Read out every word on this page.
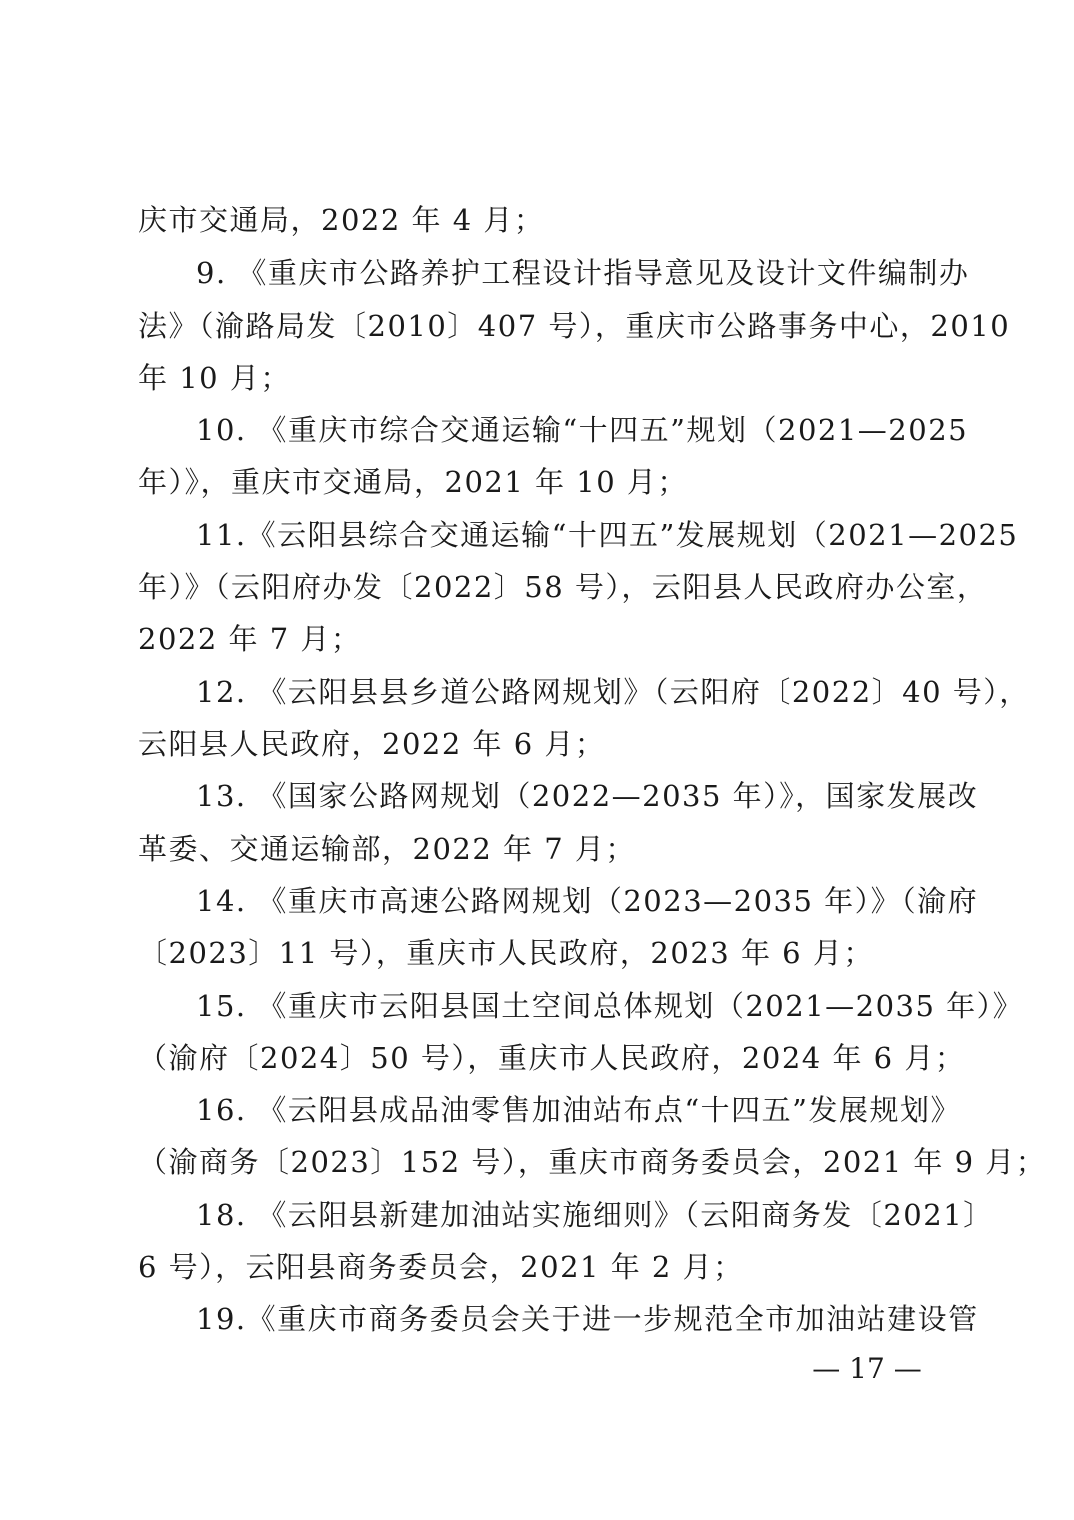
庆市交通局，2022 年 4 月；
9. 《重庆市公路养护工程设计指导意见及设计文件编制办
法》（渝路局发〔2010〕407 号），重庆市公路事务中心，2010
年 10 月；
10. 《重庆市综合交通运输“十四五”规划（2021—2025
年）》，重庆市交通局，2021 年 10 月；
11.《云阳县综合交通运输“十四五”发展规划（2021—2025
年）》（云阳府办发〔2022〕58 号），云阳县人民政府办公室，
2022 年 7 月；
12. 《云阳县县乡道公路网规划》（云阳府〔2022〕40 号），
云阳县人民政府，2022 年 6 月；
13. 《国家公路网规划（2022—2035 年）》，国家发展改
革委、交通运输部，2022 年 7 月；
14. 《重庆市高速公路网规划（2023—2035 年）》（渝府
〔2023〕11 号），重庆市人民政府，2023 年 6 月；
15. 《重庆市云阳县国土空间总体规划（2021—2035 年）》
（渝府〔2024〕50 号），重庆市人民政府，2024 年 6 月；
16. 《云阳县成品油零售加油站布点“十四五”发展规划》
（渝商务〔2023〕152 号），重庆市商务委员会，2021 年 9 月；
18. 《云阳县新建加油站实施细则》（云阳商务发〔2021〕
6 号），云阳县商务委员会，2021 年 2 月；
19.《重庆市商务委员会关于进一步规范全市加油站建设管
— 17 —
